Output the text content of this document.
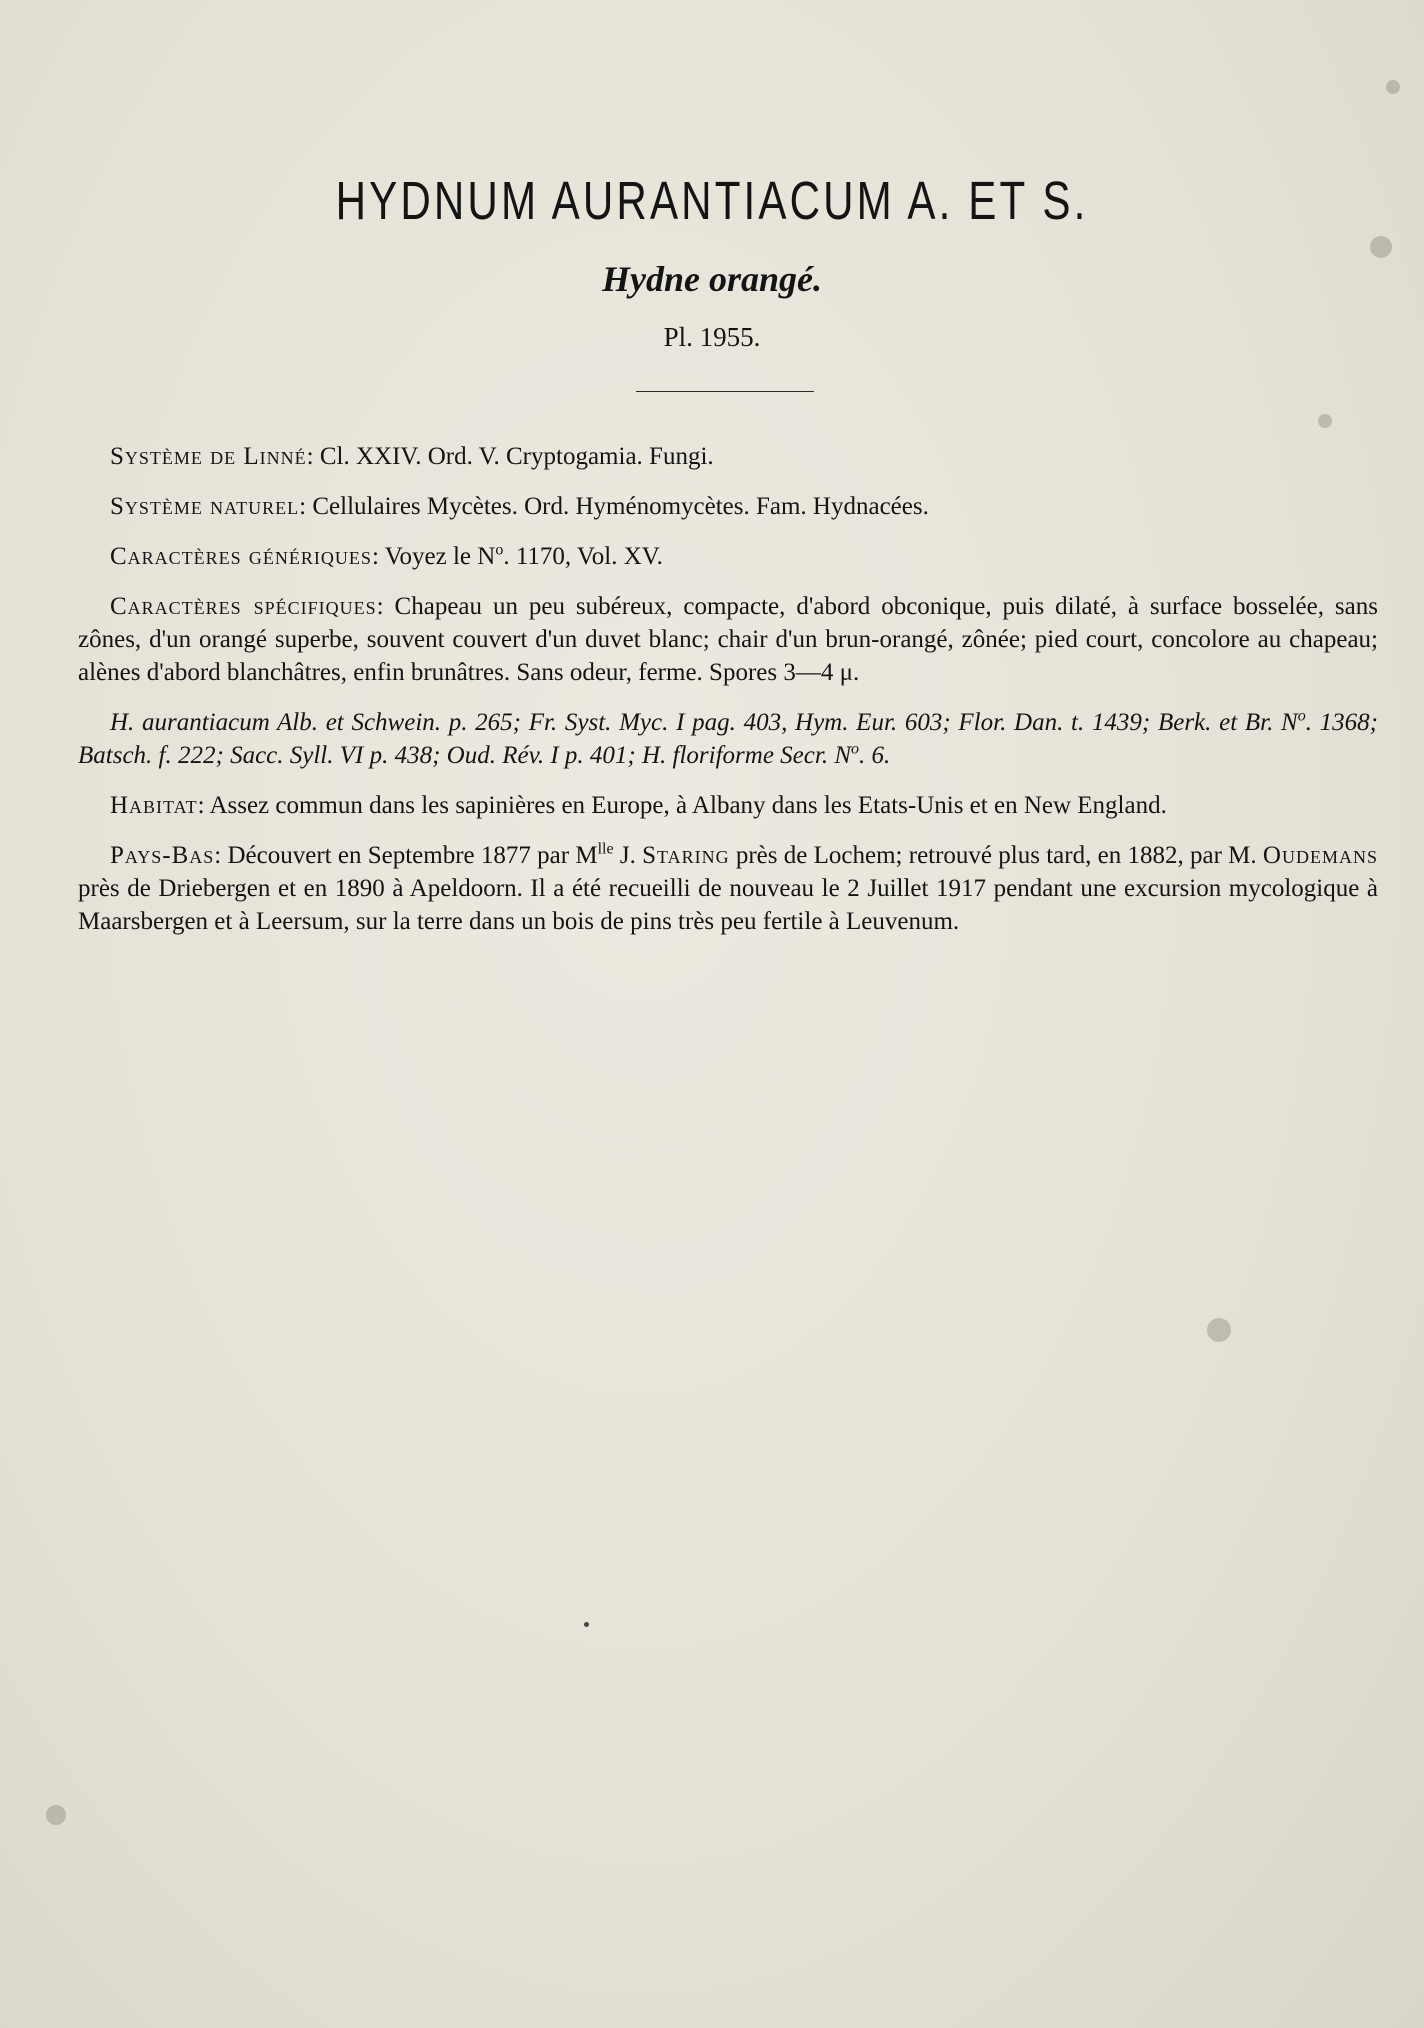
HYDNUM AURANTIACUM A. ET S.
Hydne orangé.
Pl. 1955.

Système de Linné: Cl. XXIV. Ord. V. Cryptogamia. Fungi.

Système naturel: Cellulaires Mycètes. Ord. Hyménomycètes. Fam. Hydnacées.

Caractères génériques: Voyez le $N^o$. 1170, Vol. XV.

Caractères spécifiques: Chapeau un peu subéreux, compacte, d'abord obconique, puis dilaté, à surface bosselée, sans zônes, d'un orangé superbe, souvent couvert d'un duvet blanc; chair d'un brun-orangé, zônée; pied court, concolore au chapeau; alènes d'abord blanchâtres, enfin brunâtres. Sans odeur, ferme. Spores 3—4 μ.

H. aurantiacum Alb. et Schwein. p. 265; Fr. Syst. Myc. I pag. 403, Hym. Eur. 603; Flor. Dan. t. 1439; Berk. et Br. $N^o$. 1368; Batsch. f. 222; Sacc. Syll. VI p. 438; Oud. Rév. I p. 401; H. floriforme Secr. $N^o$. 6.

Habitat: Assez commun dans les sapinières en Europe, à Albany dans les Etats-Unis et en New England.

Pays-Bas: Découvert en Septembre 1877 par $M^{lle}$ J. Staring près de Lochem; retrouvé plus tard, en 1882, par M. Oudemans près de Driebergen et en 1890 à Apeldoorn. Il a été recueilli de nouveau le 2 Juillet 1917 pendant une excursion mycologique à Maarsbergen et à Leersum, sur la terre dans un bois de pins très peu fertile à Leuvenum.
